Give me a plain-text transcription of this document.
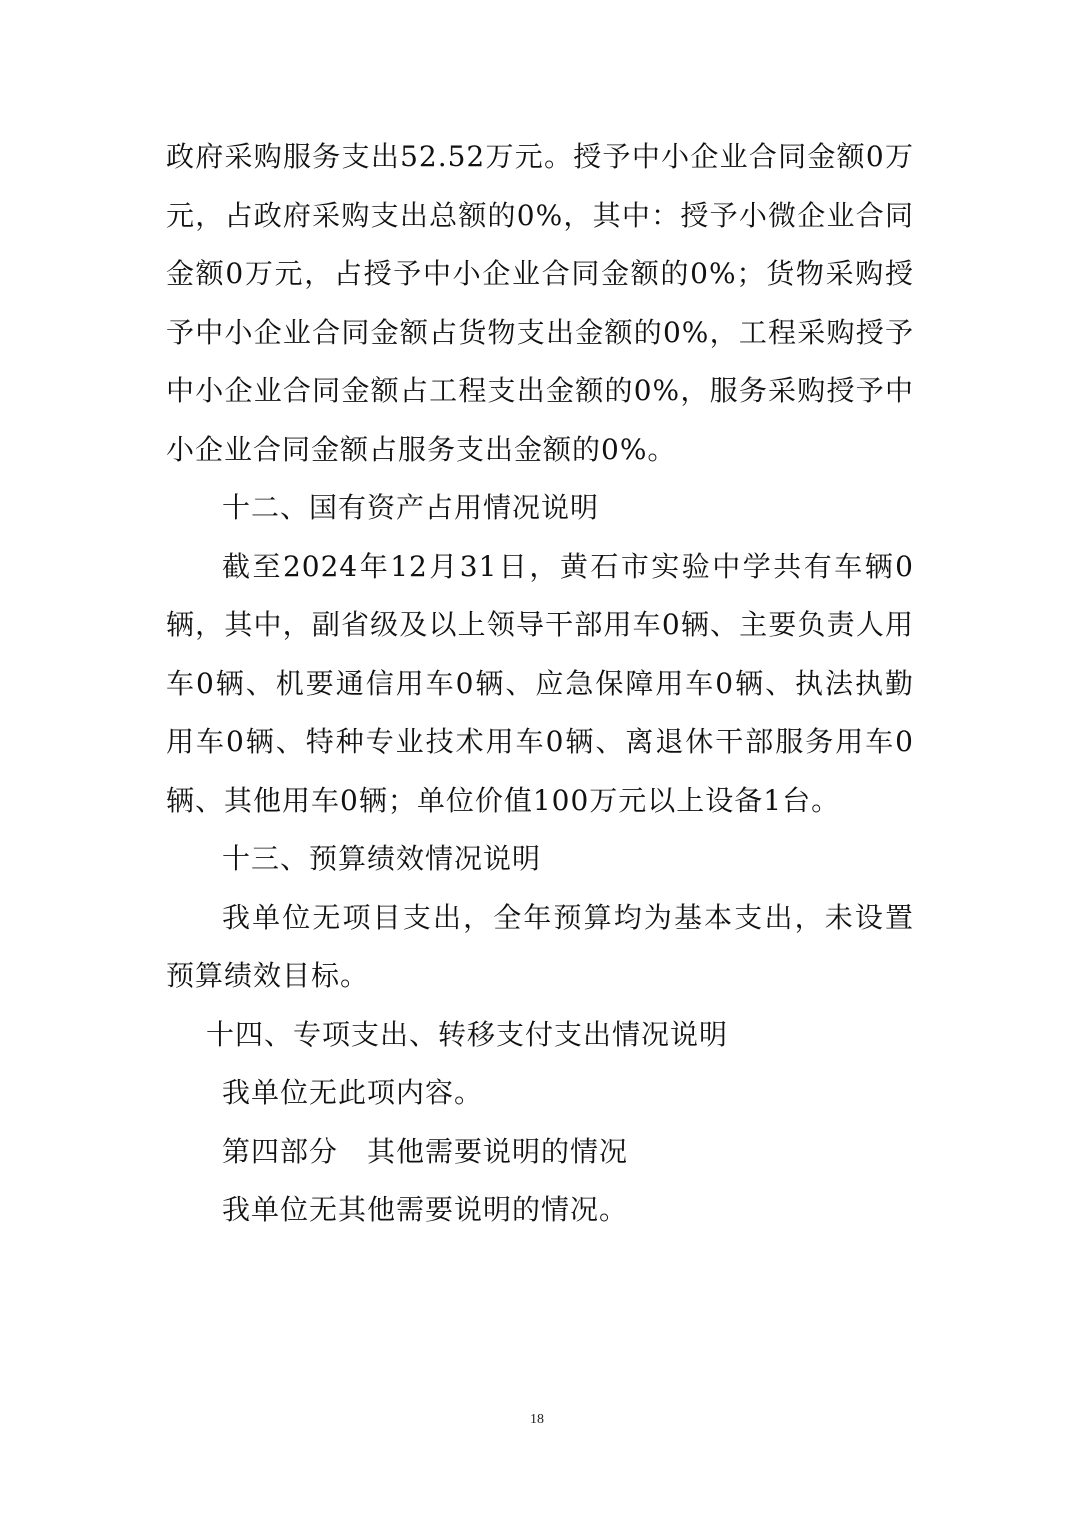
政府采购服务支出52.52万元。授予中小企业合同金额0万元，占政府采购支出总额的0%，其中：授予小微企业合同金额0万元，占授予中小企业合同金额的0%；货物采购授予中小企业合同金额占货物支出金额的0%，工程采购授予中小企业合同金额占工程支出金额的0%，服务采购授予中小企业合同金额占服务支出金额的0%。

十二、国有资产占用情况说明

截至2024年12月31日，黄石市实验中学共有车辆0辆，其中，副省级及以上领导干部用车0辆、主要负责人用车0辆、机要通信用车0辆、应急保障用车0辆、执法执勤用车0辆、特种专业技术用车0辆、离退休干部服务用车0辆、其他用车0辆；单位价值100万元以上设备1台。

十三、预算绩效情况说明

我单位无项目支出，全年预算均为基本支出，未设置预算绩效目标。

十四、专项支出、转移支付支出情况说明

我单位无此项内容。

第四部分　其他需要说明的情况

我单位无其他需要说明的情况。

18
